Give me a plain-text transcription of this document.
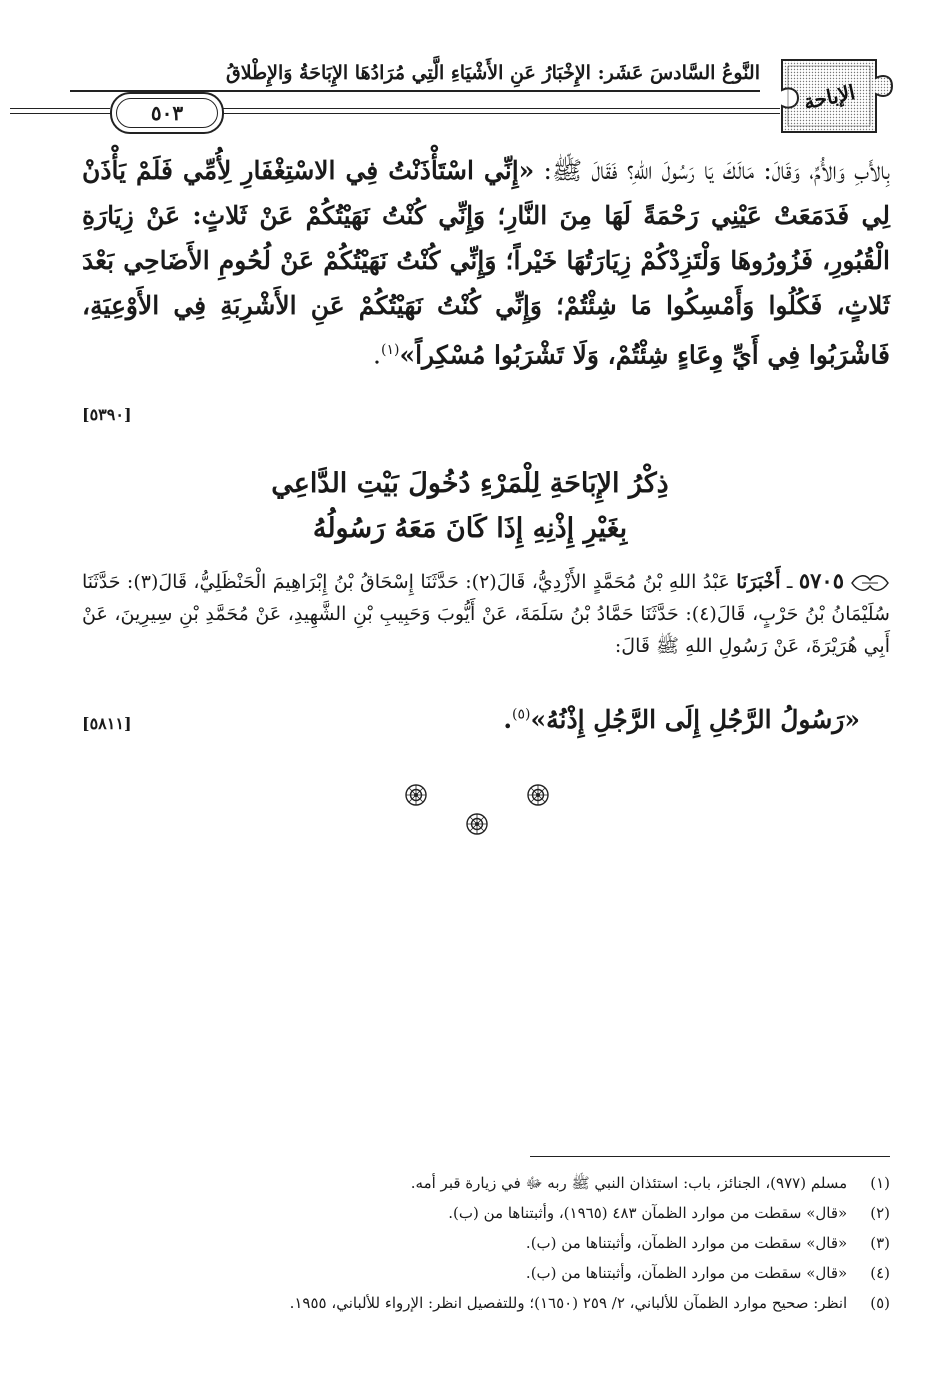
الإباحة
النَّوعُ السَّادسَ عَشَر: الإِخْبَارُ عَنِ الأَشْيَاءِ الَّتِي مُرَادُهَا الإِبَاحَةُ وَالإِطْلاقُ
٥٠٣
بِالأَبِ وَالأُمِّ، وَقَالَ: مَالَكَ يَا رَسُولَ اللهِ؟ فَقَالَ ﷺ: «إِنِّي اسْتَأْذَنْتُ فِي الاسْتِغْفَارِ لِأُمِّي فَلَمْ يَأْذَنْ لِي فَدَمَعَتْ عَيْنِي رَحْمَةً لَهَا مِنَ النَّارِ؛ وَإِنِّي كُنْتُ نَهَيْتُكُمْ عَنْ ثَلاثٍ: عَنْ زِيَارَةِ الْقُبُورِ، فَزُورُوهَا وَلْتَزِدْكُمْ زِيَارَتُهَا خَيْراً؛ وَإِنِّي كُنْتُ نَهَيْتُكُمْ عَنْ لُحُومِ الأَضَاحِي بَعْدَ ثَلاثٍ، فَكُلُوا وَأَمْسِكُوا مَا شِئْتُمْ؛ وَإِنِّي كُنْتُ نَهَيْتُكُمْ عَنِ الأَشْرِبَةِ فِي الأَوْعِيَةِ، فَاشْرَبُوا فِي أَيِّ وِعَاءٍ شِئْتُمْ، وَلَا تَشْرَبُوا مُسْكِراً»$^{(١)}$.
[٥٣٩٠]
ذِكْرُ الإِبَاحَةِ لِلْمَرْءِ دُخُولَ بَيْتِ الدَّاعِي
بِغَيْرِ إِذْنِهِ إِذَا كَانَ مَعَهُ رَسُولُهُ
٥٧٠٥ ـ أَخْبَرَنَا عَبْدُ اللهِ بْنُ مُحَمَّدٍ الأَزْدِيُّ، قَالَ(٢): حَدَّثَنَا إِسْحَاقُ بْنُ إِبْرَاهِيمَ الْحَنْظَلِيُّ، قَالَ(٣): حَدَّثَنَا سُلَيْمَانُ بْنُ حَرْبٍ، قَالَ(٤): حَدَّثَنَا حَمَّادُ بْنُ سَلَمَةَ، عَنْ أَيُّوبَ وَحَبِيبِ بْنِ الشَّهِيدِ، عَنْ مُحَمَّدِ بْنِ سِيرِينَ، عَنْ أَبِي هُرَيْرَةَ، عَنْ رَسُولِ اللهِ ﷺ قَالَ:
«رَسُولُ الرَّجُلِ إِلَى الرَّجُلِ إِذْنُهُ»$^{(٥)}$.
[٥٨١١]
(١) مسلم (٩٧٧)، الجنائز، باب: استئذان النبي ﷺ ربه ﷻ في زيارة قبر أمه.
(٢) «قال» سقطت من موارد الظمآن ٤٨٣ (١٩٦٥)، وأثبتناها من (ب).
(٣) «قال» سقطت من موارد الظمآن، وأثبتناها من (ب).
(٤) «قال» سقطت من موارد الظمآن، وأثبتناها من (ب).
(٥) انظر: صحيح موارد الظمآن للألباني، ٢/ ٢٥٩ (١٦٥٠)؛ وللتفصيل انظر: الإرواء للألباني، ١٩٥٥.
